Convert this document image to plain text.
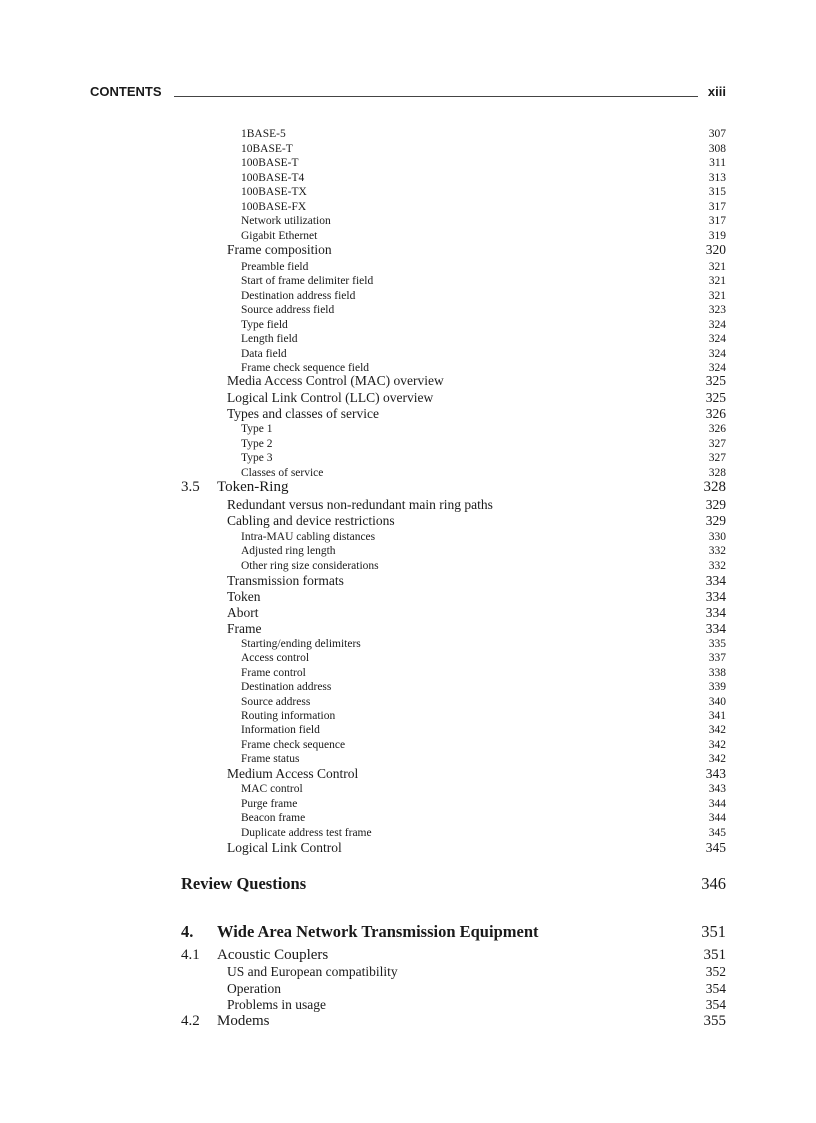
CONTENTS	xiii
1BASE-5	307
10BASE-T	308
100BASE-T	311
100BASE-T4	313
100BASE-TX	315
100BASE-FX	317
Network utilization	317
Gigabit Ethernet	319
Frame composition	320
Preamble field	321
Start of frame delimiter field	321
Destination address field	321
Source address field	323
Type field	324
Length field	324
Data field	324
Frame check sequence field	324
Media Access Control (MAC) overview	325
Logical Link Control (LLC) overview	325
Types and classes of service	326
Type 1	326
Type 2	327
Type 3	327
Classes of service	328
3.5 Token-Ring	328
Redundant versus non-redundant main ring paths	329
Cabling and device restrictions	329
Intra-MAU cabling distances	330
Adjusted ring length	332
Other ring size considerations	332
Transmission formats	334
Token	334
Abort	334
Frame	334
Starting/ending delimiters	335
Access control	337
Frame control	338
Destination address	339
Source address	340
Routing information	341
Information field	342
Frame check sequence	342
Frame status	342
Medium Access Control	343
MAC control	343
Purge frame	344
Beacon frame	344
Duplicate address test frame	345
Logical Link Control	345
Review Questions	346
4. Wide Area Network Transmission Equipment	351
4.1 Acoustic Couplers	351
US and European compatibility	352
Operation	354
Problems in usage	354
4.2 Modems	355
